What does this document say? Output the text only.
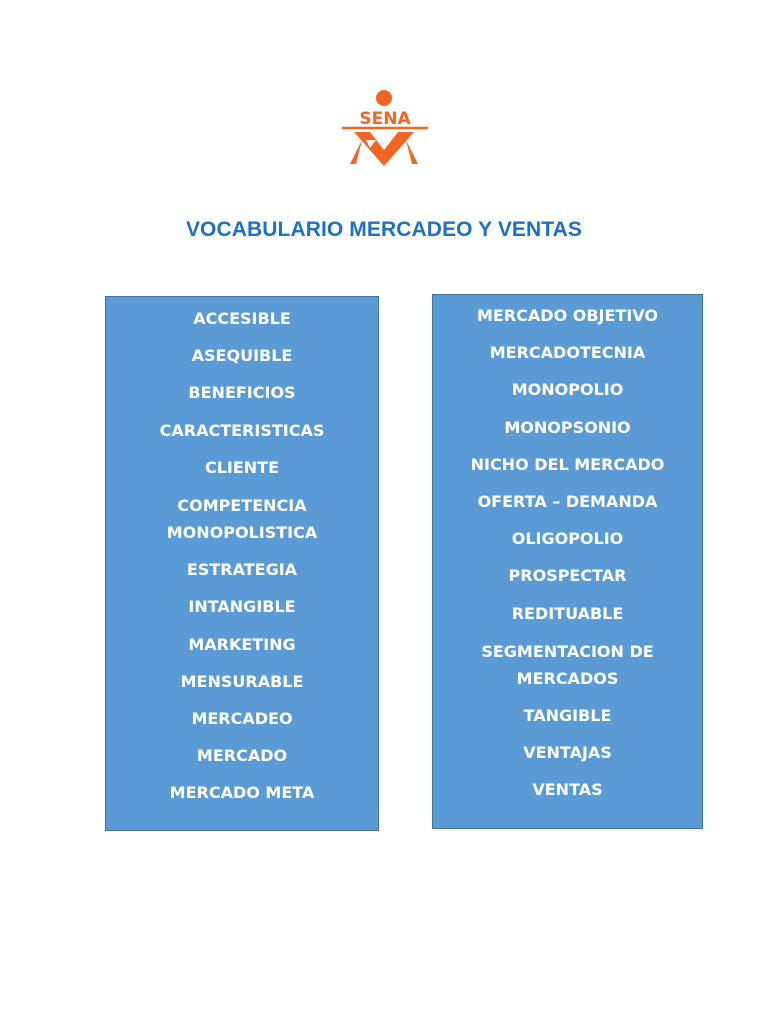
SENA
VOCABULARIO MERCADEO Y VENTAS
ACCESIBLE
ASEQUIBLE
BENEFICIOS
CARACTERISTICAS
CLIENTE
COMPETENCIA MONOPOLISTICA
ESTRATEGIA
INTANGIBLE
MARKETING
MENSURABLE
MERCADEO
MERCADO
MERCADO META
MERCADO OBJETIVO
MERCADOTECNIA
MONOPOLIO
MONOPSONIO
NICHO DEL MERCADO
OFERTA – DEMANDA
OLIGOPOLIO
PROSPECTAR
REDITUABLE
SEGMENTACION DE MERCADOS
TANGIBLE
VENTAJAS
VENTAS
